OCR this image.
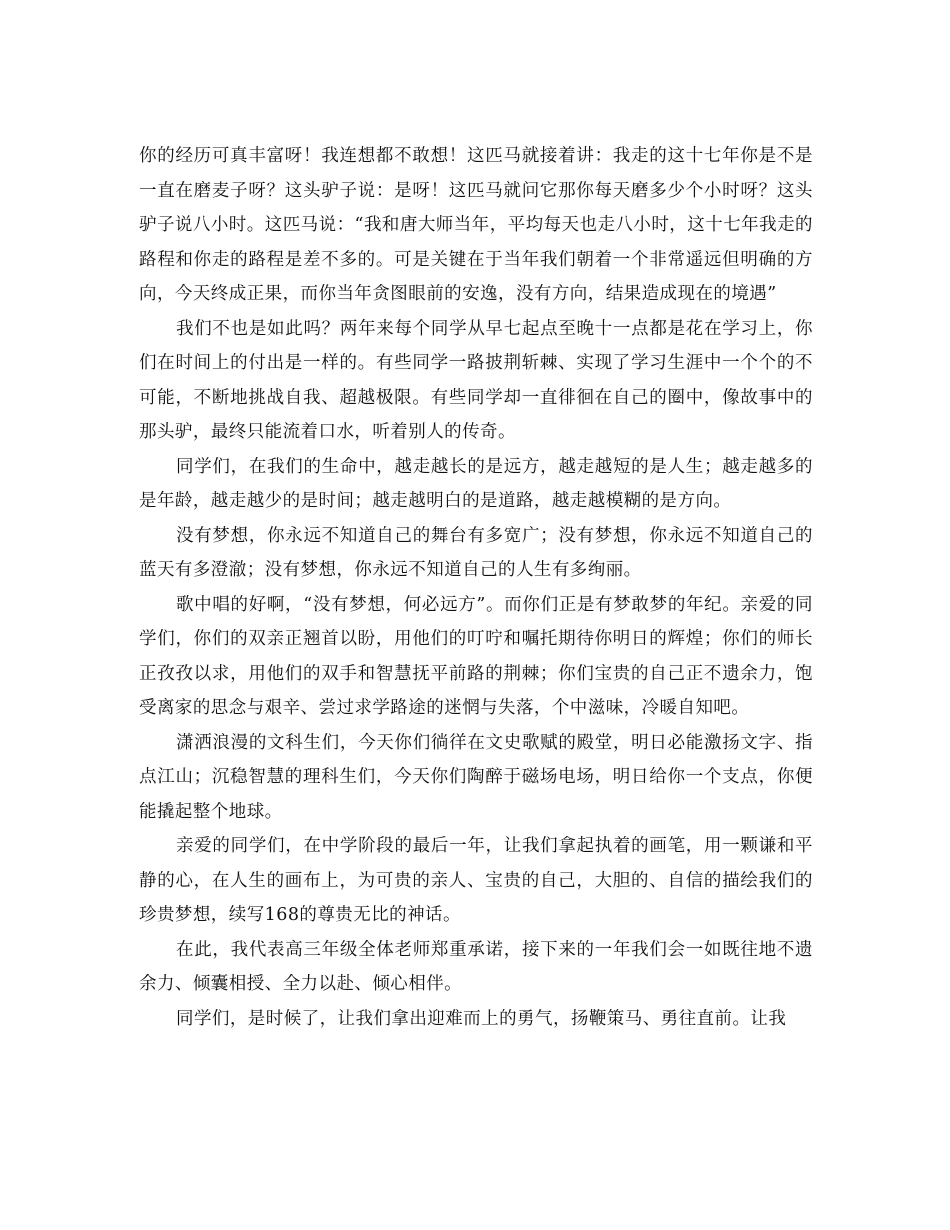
你的经历可真丰富呀！我连想都不敢想！这匹马就接着讲：我走的这十七年你是不是一直在磨麦子呀？这头驴子说：是呀！这匹马就问它那你每天磨多少个小时呀？这头驴子说八小时。这匹马说：“我和唐大师当年，平均每天也走八小时，这十七年我走的路程和你走的路程是差不多的。可是关键在于当年我们朝着一个非常遥远但明确的方向，今天终成正果，而你当年贪图眼前的安逸，没有方向，结果造成现在的境遇”

我们不也是如此吗？两年来每个同学从早七起点至晚十一点都是花在学习上，你们在时间上的付出是一样的。有些同学一路披荆斩棘、实现了学习生涯中一个个的不可能，不断地挑战自我、超越极限。有些同学却一直徘徊在自己的圈中，像故事中的那头驴，最终只能流着口水，听着别人的传奇。

同学们，在我们的生命中，越走越长的是远方，越走越短的是人生；越走越多的是年龄，越走越少的是时间；越走越明白的是道路，越走越模糊的是方向。

没有梦想，你永远不知道自己的舞台有多宽广；没有梦想，你永远不知道自己的蓝天有多澄澈；没有梦想，你永远不知道自己的人生有多绚丽。

歌中唱的好啊，“没有梦想，何必远方”。而你们正是有梦敢梦的年纪。亲爱的同学们，你们的双亲正翘首以盼，用他们的叮咛和嘱托期待你明日的辉煌；你们的师长正孜孜以求，用他们的双手和智慧抚平前路的荆棘；你们宝贵的自己正不遗余力，饱受离家的思念与艰辛、尝过求学路途的迷惘与失落，个中滋味，冷暖自知吧。

潇洒浪漫的文科生们，今天你们徜徉在文史歌赋的殿堂，明日必能激扬文字、指点江山；沉稳智慧的理科生们，今天你们陶醉于磁场电场，明日给你一个支点，你便能撬起整个地球。

亲爱的同学们，在中学阶段的最后一年，让我们拿起执着的画笔，用一颗谦和平静的心，在人生的画布上，为可贵的亲人、宝贵的自己，大胆的、自信的描绘我们的珍贵梦想，续写168的尊贵无比的神话。

在此，我代表高三年级全体老师郑重承诺，接下来的一年我们会一如既往地不遗余力、倾囊相授、全力以赴、倾心相伴。

同学们，是时候了，让我们拿出迎难而上的勇气，扬鞭策马、勇往直前。让我
